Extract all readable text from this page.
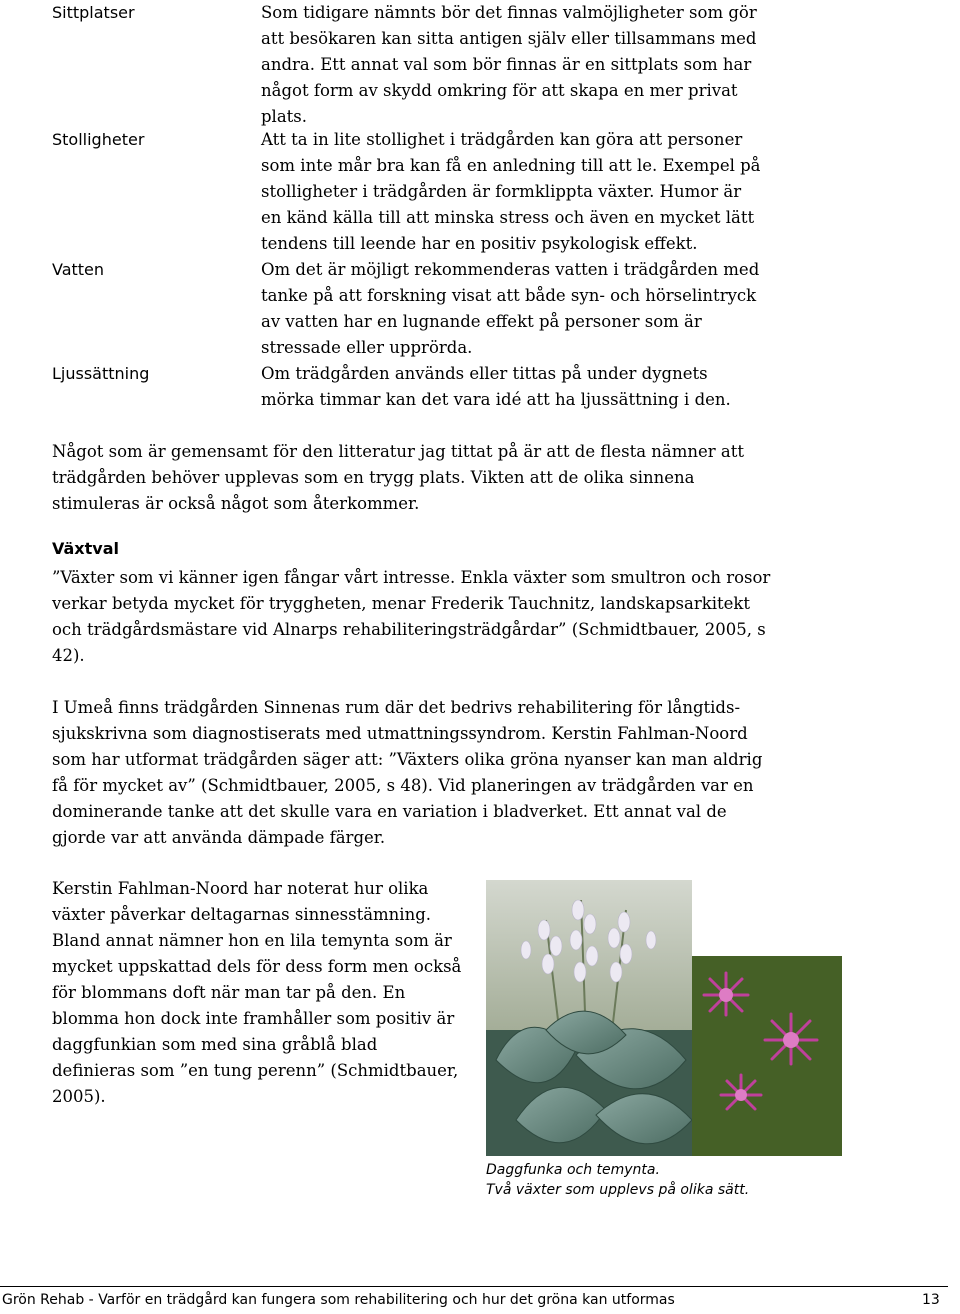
Sittplatser	Som tidigare nämnts bör det finnas valmöjligheter som gör att besökaren kan sitta antigen själv eller tillsammans med andra. Ett annat val som bör finnas är en sittplats som har något form av skydd omkring för att skapa en mer privat plats.
Stolligheter	Att ta in lite stollighet i trädgården kan göra att personer som inte mår bra kan få en anledning till att le. Exempel på stolligheter i trädgården är formklippta växter. Humor är en känd källa till att minska stress och även en mycket lätt tendens till leende har en positiv psykologisk effekt.
Vatten	Om det är möjligt rekommenderas vatten i trädgården med tanke på att forskning visat att både syn- och hörselintryck av vatten har en lugnande effekt på personer som är stressade eller upprörda.
Ljussättning	Om trädgården används eller tittas på under dygnets mörka timmar kan det vara idé att ha ljussättning i den.
Något som är gemensamt för den litteratur jag tittat på är att de flesta nämner att trädgården behöver upplevas som en trygg plats. Vikten att de olika sinnena stimuleras är också något som återkommer.
Växtval
”Växter som vi känner igen fångar vårt intresse. Enkla växter som smultron och rosor verkar betyda mycket för tryggheten, menar Frederik Tauchnitz, landskapsarkitekt och trädgårdsmästare vid Alnarps rehabiliteringsträdgårdar” (Schmidtbauer, 2005, s 42).
I Umeå finns trädgården Sinnenas rum där det bedrivs rehabilitering för långtids-sjukskrivna som diagnostiserats med utmattningssyndrom. Kerstin Fahlman-Noord som har utformat trädgården säger att: ”Växters olika gröna nyanser kan man aldrig få för mycket av” (Schmidtbauer, 2005, s 48). Vid planeringen av trädgården var en dominerande tanke att det skulle vara en variation i bladverket. Ett annat val de gjorde var att använda dämpade färger.
Kerstin Fahlman-Noord har noterat hur olika växter påverkar deltagarnas sinnesstämning. Bland annat nämner hon en lila temynta som är mycket uppskattad dels för dess form men också för blommans doft när man tar på den. En blomma hon dock inte framhåller som positiv är daggfunkian som med sina gråblå blad definieras som ”en tung perenn” (Schmidtbauer, 2005).
Daggfunka och temynta.
Två växter som upplevs på olika sätt.
Grön Rehab - Varför en trädgård kan fungera som rehabilitering och hur det gröna kan utformas	13
